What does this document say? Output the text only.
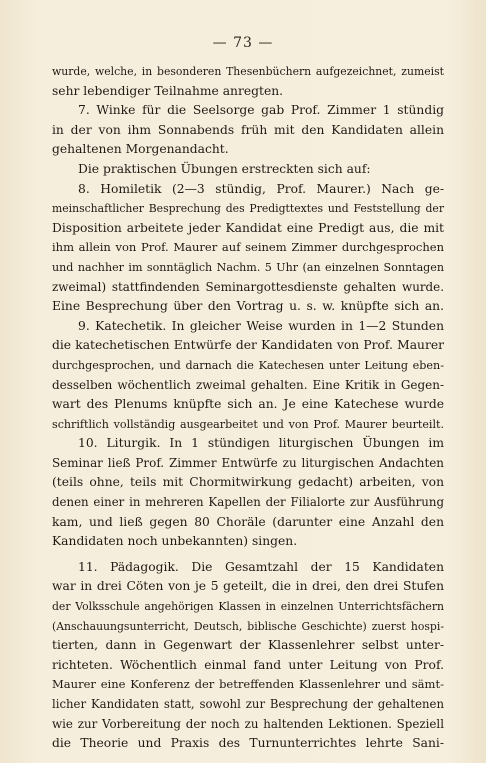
— 73 —
wurde, welche, in besonderen Thesenbüchern aufgezeichnet, zumeist
sehr lebendiger Teilnahme anregten.
7. Winke für die Seelsorge gab Prof. Zimmer 1 stündig
in der von ihm Sonnabends früh mit den Kandidaten allein
gehaltenen Morgenandacht.
Die praktischen Übungen erstreckten sich auf:
8. Homiletik (2—3 stündig, Prof. Maurer.) Nach ge-
meinschaftlicher Besprechung des Predigttextes und Feststellung der
Disposition arbeitete jeder Kandidat eine Predigt aus, die mit
ihm allein von Prof. Maurer auf seinem Zimmer durchgesprochen
und nachher im sonntäglich Nachm. 5 Uhr (an einzelnen Sonntagen
zweimal) stattfindenden Seminargottesdienste gehalten wurde.
Eine Besprechung über den Vortrag u. s. w. knüpfte sich an.
9. Katechetik. In gleicher Weise wurden in 1—2 Stunden
die katechetischen Entwürfe der Kandidaten von Prof. Maurer
durchgesprochen, und darnach die Katechesen unter Leitung eben-
desselben wöchentlich zweimal gehalten. Eine Kritik in Gegen-
wart des Plenums knüpfte sich an. Je eine Katechese wurde
schriftlich vollständig ausgearbeitet und von Prof. Maurer beurteilt.
10. Liturgik. In 1 stündigen liturgischen Übungen im
Seminar ließ Prof. Zimmer Entwürfe zu liturgischen Andachten
(teils ohne, teils mit Chormitwirkung gedacht) arbeiten, von
denen einer in mehreren Kapellen der Filialorte zur Ausführung
kam, und ließ gegen 80 Choräle (darunter eine Anzahl den
Kandidaten noch unbekannten) singen.
11. Pädagogik. Die Gesamtzahl der 15 Kandidaten
war in drei Cöten von je 5 geteilt, die in drei, den drei Stufen
der Volksschule angehörigen Klassen in einzelnen Unterrichtsfächern
(Anschauungsunterricht, Deutsch, biblische Geschichte) zuerst hospi-
tierten, dann in Gegenwart der Klassenlehrer selbst unter-
richteten. Wöchentlich einmal fand unter Leitung von Prof.
Maurer eine Konferenz der betreffenden Klassenlehrer und sämt-
licher Kandidaten statt, sowohl zur Besprechung der gehaltenen
wie zur Vorbereitung der noch zu haltenden Lektionen. Speziell
die Theorie und Praxis des Turnunterrichtes lehrte Sani-
